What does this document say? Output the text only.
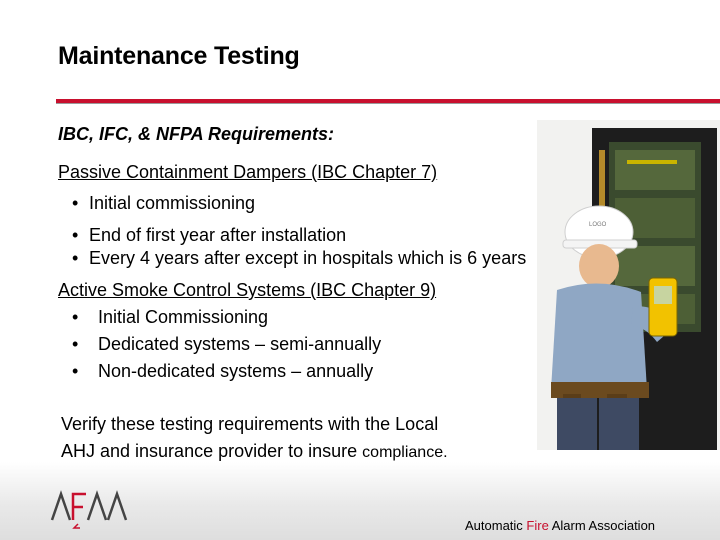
Maintenance Testing
IBC, IFC, & NFPA Requirements:
Passive Containment Dampers (IBC Chapter 7)
• Initial commissioning
• End of first year after installation
• Every 4 years after except in hospitals which is 6 years
Active Smoke Control Systems (IBC Chapter 9)
• Initial Commissioning
• Dedicated systems – semi-annually
• Non-dedicated systems – annually
LOGO
Verify these testing requirements with the Local
AHJ and insurance provider to insure compliance.
AFAA
Automatic Fire Alarm Association
